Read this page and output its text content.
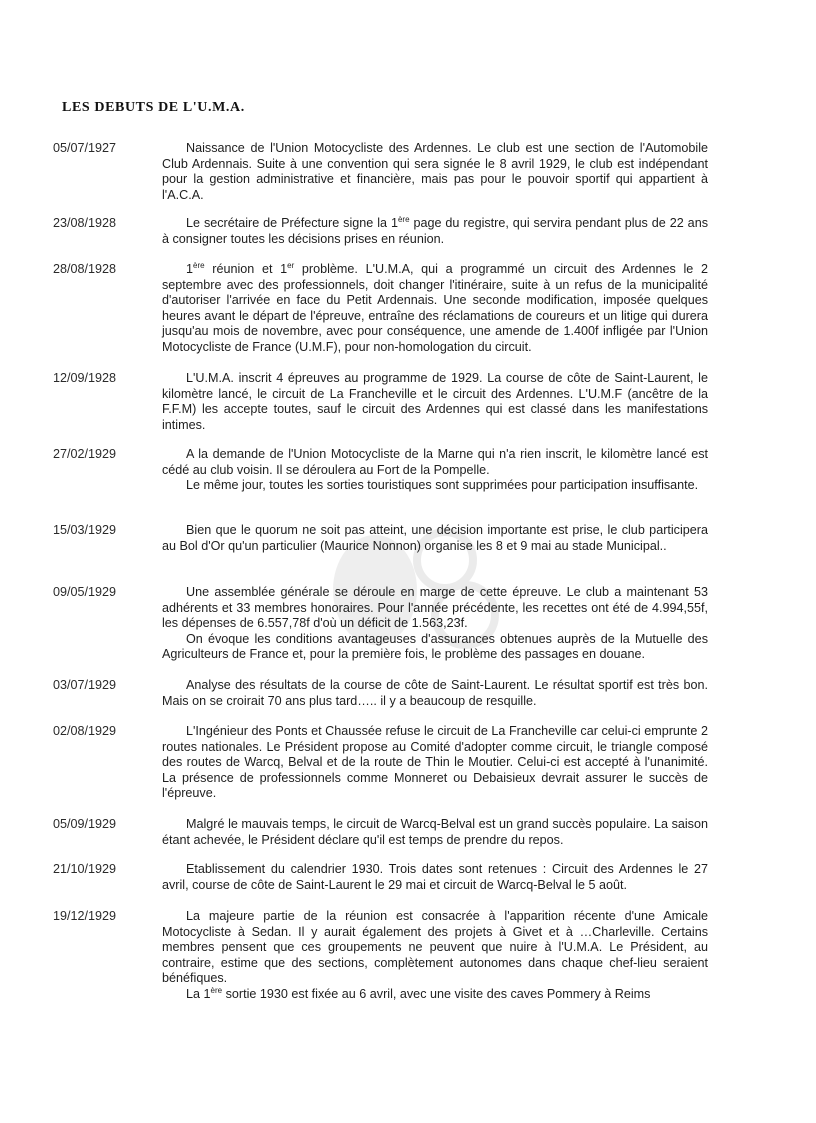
LES DEBUTS DE L'U.M.A.
05/07/1927	Naissance de l'Union Motocycliste des Ardennes. Le club est une section de l'Automobile Club Ardennais. Suite à une convention qui sera signée le 8 avril 1929, le club est indépendant pour la gestion administrative et financière, mais pas pour le pouvoir sportif qui appartient à l'A.C.A.

23/08/1928	Le secrétaire de Préfecture signe la 1ère page du registre, qui servira pendant plus de 22 ans à consigner toutes les décisions prises en réunion.

28/08/1928	1ère réunion et 1er problème. L'U.M.A, qui a programmé un circuit des Ardennes le 2 septembre avec des professionnels, doit changer l'itinéraire, suite à un refus de la municipalité d'autoriser l'arrivée en face du Petit Ardennais. Une seconde modification, imposée quelques heures avant le départ de l'épreuve, entraîne des réclamations de coureurs et un litige qui durera jusqu'au mois de novembre, avec pour conséquence, une amende de 1.400f infligée par l'Union Motocycliste de France (U.M.F), pour non-homologation du circuit.

12/09/1928	L'U.M.A. inscrit 4 épreuves au programme de 1929. La course de côte de Saint-Laurent, le kilomètre lancé, le circuit de La Francheville et le circuit des Ardennes. L'U.M.F (ancêtre de la F.F.M) les accepte toutes, sauf le circuit des Ardennes qui est classé dans les manifestations intimes.

27/02/1929	A la demande de l'Union Motocycliste de la Marne qui n'a rien inscrit, le kilomètre lancé est cédé au club voisin. Il se déroulera au Fort de la Pompelle.

Le même jour, toutes les sorties touristiques sont supprimées pour participation insuffisante.

15/03/1929	Bien que le quorum ne soit pas atteint, une décision importante est prise, le club participera au Bol d'Or qu'un particulier (Maurice Nonnon) organise les 8 et 9 mai au stade Municipal..

09/05/1929	Une assemblée générale se déroule en marge de cette épreuve. Le club a maintenant 53 adhérents et 33 membres honoraires. Pour l'année précédente, les recettes ont été de 4.994,55f, les dépenses de 6.557,78f d'où un déficit de 1.563,23f.

On évoque les conditions avantageuses d'assurances obtenues auprès de la Mutuelle des Agriculteurs de France et, pour la première fois, le problème des passages en douane.

03/07/1929	Analyse des résultats de la course de côte de Saint-Laurent. Le résultat sportif est très bon. Mais on se croirait 70 ans plus tard….. il y a beaucoup de resquille.

02/08/1929	L'Ingénieur des Ponts et Chaussée refuse le circuit de La Francheville car celui-ci emprunte 2 routes nationales. Le Président propose au Comité d'adopter comme circuit, le triangle composé des routes de Warcq, Belval et de la route de Thin le Moutier. Celui-ci est accepté à l'unanimité. La présence de professionnels comme Monneret ou Debaisieux devrait assurer le succès de l'épreuve.

05/09/1929	Malgré le mauvais temps, le circuit de Warcq-Belval est un grand succès populaire. La saison étant achevée, le Président déclare qu'il est temps de prendre du repos.

21/10/1929	Etablissement du calendrier 1930. Trois dates sont retenues : Circuit des Ardennes le 27 avril, course de côte de Saint-Laurent le 29 mai et circuit de Warcq-Belval le 5 août.

19/12/1929	La majeure partie de la réunion est consacrée à l'apparition récente d'une Amicale Motocycliste à Sedan. Il y aurait également des projets à Givet et à …Charleville. Certains membres pensent que ces groupements ne peuvent que nuire à l'U.M.A. Le Président, au contraire, estime que des sections, complètement autonomes dans chaque chef-lieu seraient bénéfiques.

La 1ère sortie 1930 est fixée au 6 avril, avec une visite des caves Pommery à Reims
